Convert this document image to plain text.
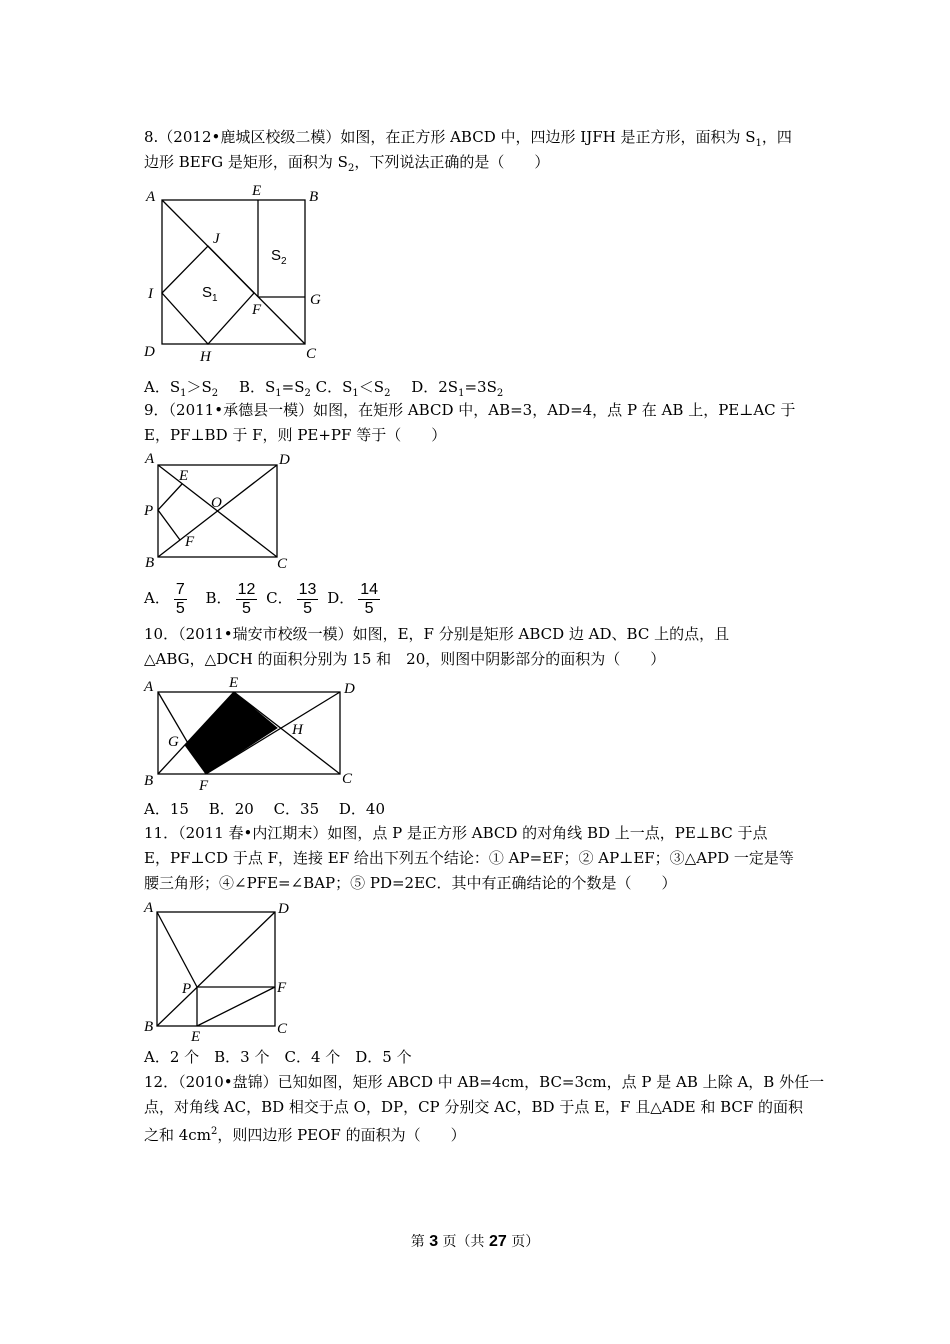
8.（2012•鹿城区校级二模）如图，在正方形 ABCD 中，四边形 IJFH 是正方形，面积为 $S_1$，四
边形 BEFG 是矩形，面积为 $S_2$，下列说法正确的是（　　）
A	B
C
D
E
F
G
H
I
J
$S_1$
$S_2$
A．$S_1>S_2$ B．$S_1=S_2$ C．$S_1<S_2$ D．$2S_1=3S_2$
9．（2011•承德县一模）如图，在矩形 ABCD 中，AB=3，AD=4，点 P 在 AB 上，PE⊥AC 于
E，PF⊥BD 于 F，则 PE+PF 等于（　　）
A
B	C
D
E
F
O
P
A． $\frac{7}{5}$ B． $\frac{12}{5}$ C． $\frac{13}{5}$ D． $\frac{14}{5}$
10．（2011•瑞安市校级一模）如图，E，F 分别是矩形 ABCD 边 AD、BC 上的点，且
△ABG，△DCH 的面积分别为 15 和　20，则图中阴影部分的面积为（　　）
A
B	C
D
E
F
G
H
A．15　 B．20　 C．35　 D．40
11．（2011 春•内江期末）如图，点 P 是正方形 ABCD 的对角线 BD 上一点，PE⊥BC 于点
E，PF⊥CD 于点 F，连接 EF 给出下列五个结论：① AP=EF；② AP⊥EF；③△APD 一定是等
腰三角形；④∠PFE=∠BAP；⑤ PD=2EC．其中有正确结论的个数是（　　）
A
B	C
D
E
F
P
A．2 个　B．3 个　C．4 个　D．5 个
12．（2010•盘锦）已知如图，矩形 ABCD 中 AB=4cm，BC=3cm，点 P 是 AB 上除 A，B 外任一
点，对角线 AC，BD 相交于点 O，DP，CP 分别交 AC，BD 于点 E，F 且△ADE 和 BCF 的面积
之和 $4cm^2$，则四边形 PEOF 的面积为（　　）
第 3 页（共 27 页）
